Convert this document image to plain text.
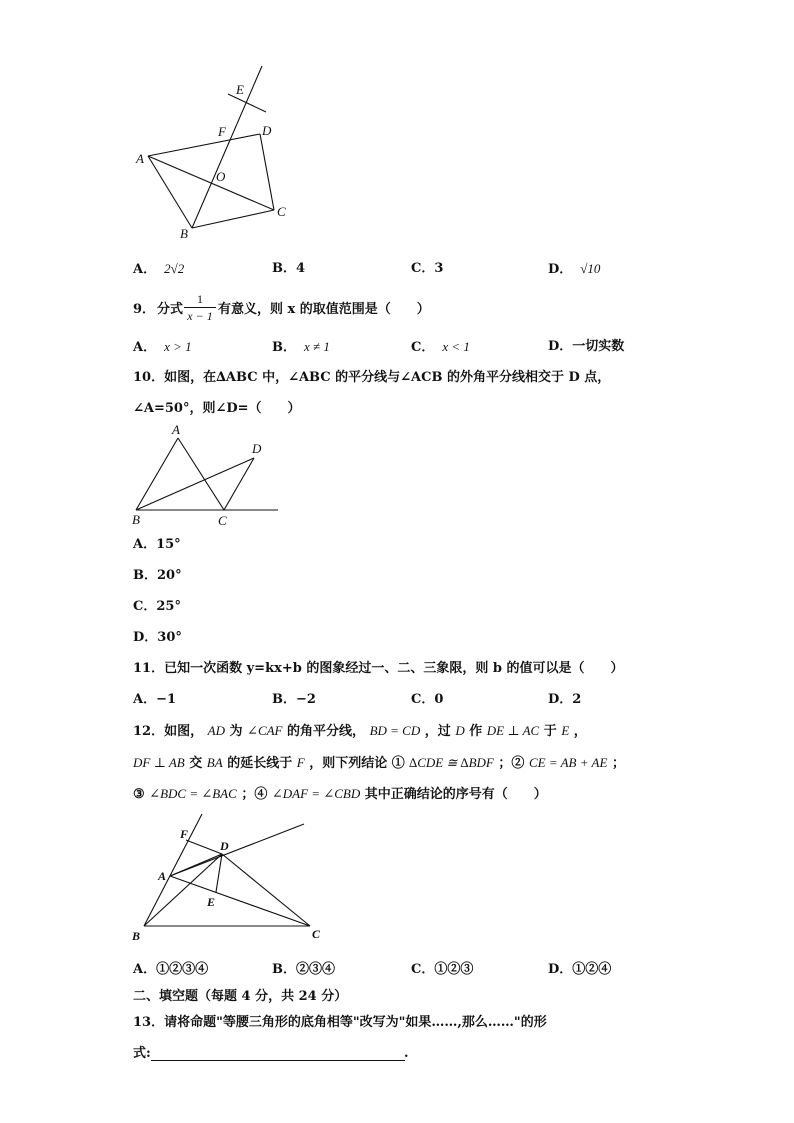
E
F	D
A
O
C
B
A． 2√2	B．4	C．3	D． √10
9． 分式 $\frac{1}{x - 1}$ 有意义，则 x 的取值范围是（　　）
A． x > 1	B． x ≠ 1	C． x < 1	D．一切实数
10．如图，在∆ABC 中，∠ABC 的平分线与∠ACB 的外角平分线相交于 D 点，
∠A=50°，则∠D=（　　）
A
D
B	C
A．15°
B．20°
C．25°
D．30°
11．已知一次函数 y=kx+b 的图象经过一、二、三象限，则 b 的值可以是（　　）
A．−1	B．−2	C．0	D．2
12．如图， AD 为 ∠CAF 的角平分线， BD = CD ，过 D 作 DE ⊥ AC 于 E ，
DF ⊥ AB 交 BA 的延长线于 F ，则下列结论 ① ∆CDE ≅ ∆BDF ；② CE = AB + AE ；
③ ∠BDC = ∠BAC ；④ ∠DAF = ∠CBD 其中正确结论的序号有（　　）
F
D
A
E
B	C
A．①②③④	B．②③④	C．①②③	D．①②④
二、填空题（每题 4 分，共 24 分）
13．请将命题"等腰三角形的底角相等"改写为"如果……,那么……"的形
式:	.
